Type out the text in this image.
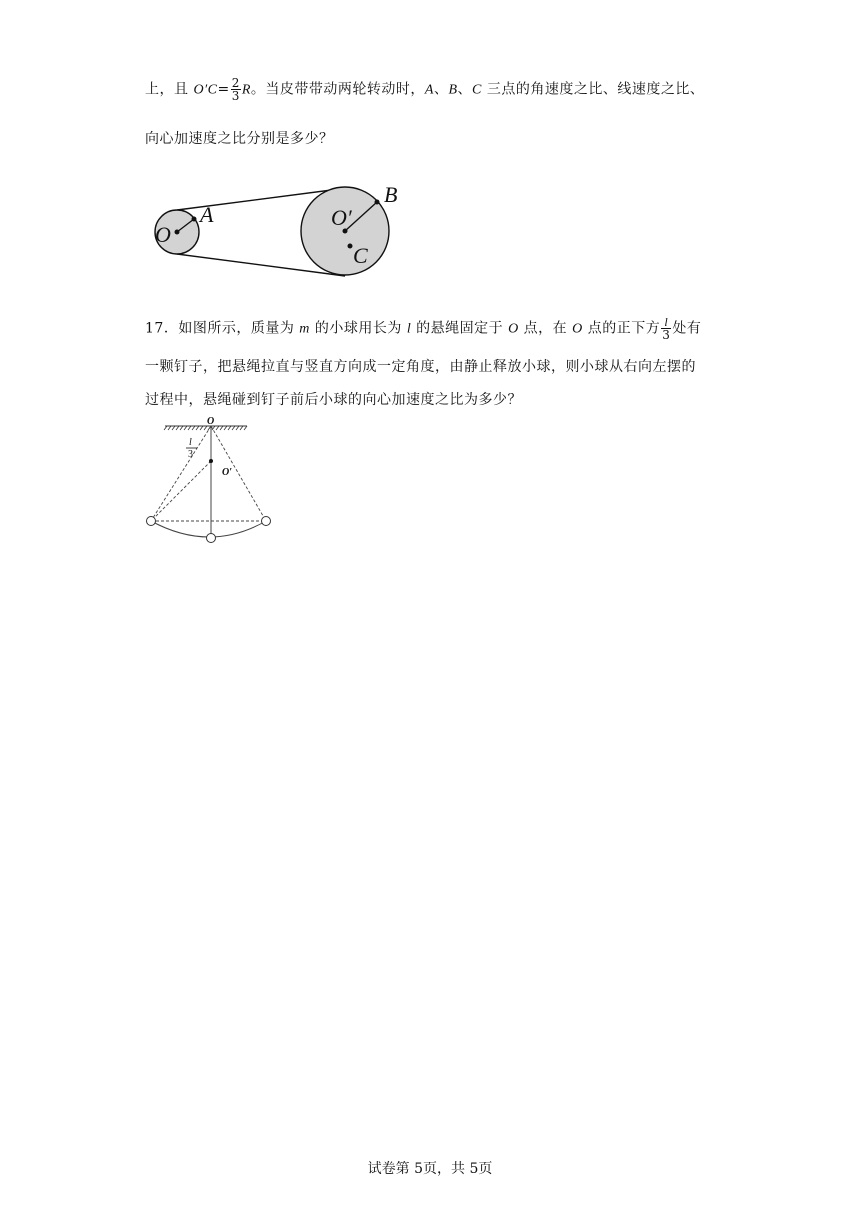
上，且 $O'C= \frac{2}{3}$ R。当皮带带动两轮转动时，A、B、C 三点的角速度之比、线速度之比、
向心加速度之比分别是多少？
O
A	O′
B
C
17．如图所示，质量为 m 的小球用长为 l 的悬绳固定于 O 点，在 O 点的正下方 $\frac{l}{3}$ 处有
一颗钉子，把悬绳拉直与竖直方向成一定角度，由静止释放小球，则小球从右向左摆的
过程中，悬绳碰到钉子前后小球的向心加速度之比为多少？
O
O′
l
3
试卷第 5页，共 5页
